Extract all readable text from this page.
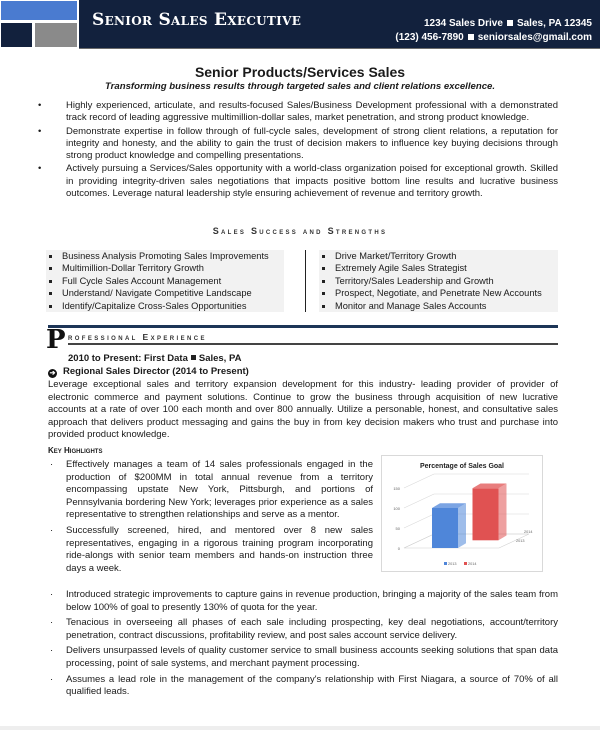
Senior Sales Executive	1234 Sales Drive Sales, PA 12345
(123) 456-7890 seniorsales@gmail.com
Senior Products/Services Sales
Transforming business results through targeted sales and client relations excellence.
•	Highly experienced, articulate, and results-focused Sales/Business Development professional with a demonstrated track record of leading aggressive multimillion-dollar sales, market penetration, and strong product knowledge.
•	Demonstrate expertise in follow through of full-cycle sales, development of strong client relations, a reputation for integrity and honesty, and the ability to gain the trust of decision makers to influence key buying decisions through strong product knowledge and compelling presentations.
•	Actively pursuing a Services/Sales opportunity with a world-class organization poised for exceptional growth. Skilled in providing integrity-driven sales negotiations that impacts positive bottom line results and lucrative business outcomes. Leverage natural leadership style ensuring achievement of revenue and territory growth.
Sales Success and Strengths
Business Analysis Promoting Sales Improvements
Multimillion-Dollar Territory Growth
Full Cycle Sales Account Management
Understand/ Navigate Competitive Landscape
Identify/Capitalize Cross-Sales Opportunities
Drive Market/Territory Growth
Extremely Agile Sales Strategist
Territory/Sales Leadership and Growth
Prospect, Negotiate, and Penetrate New Accounts
Monitor and Manage Sales Accounts
P rofessional Experience
2010 to Present: First Data Sales, PA
➔ Regional Sales Director (2014 to Present)
Leverage exceptional sales and territory expansion development for this industry- leading provider of provider of electronic commerce and payment solutions. Continue to grow the business through acquisition of new lucrative accounts at a rate of over 100 each month and over 800 annually. Utilize a personable, honest, and consultative sales approach that delivers product messaging and gains the buy in from key decision makers who trust and purchase into provided product knowledge.
Key Highlights
· Effectively manages a team of 14 sales professionals engaged in the production of $200MM in total annual revenue from a territory encompassing upstate New York, Pittsburgh, and portions of Pennsylvania bordering New York; leverages prior experience as a sales representative to strengthen relationships and serve as a mentor.
· Successfully screened, hired, and mentored over 8 new sales representatives, engaging in a rigorous training program incorporating ride-alongs with senior team members and hands-on instruction three days a week.
Percentage of Sales Goal
0
50
100
150
2013
2014
2013	2014
· Introduced strategic improvements to capture gains in revenue production, bringing a majority of the sales team from below 100% of goal to presently 130% of quota for the year.
· Tenacious in overseeing all phases of each sale including prospecting, key deal negotiations, account/territory penetration, contract discussions, profitability review, and post sales account service delivery.
· Delivers unsurpassed levels of quality customer service to small business accounts seeking solutions that span data processing, point of sale systems, and merchant payment processing.
· Assumes a lead role in the management of the company's relationship with First Niagara, a source of 70% of all qualified leads.
